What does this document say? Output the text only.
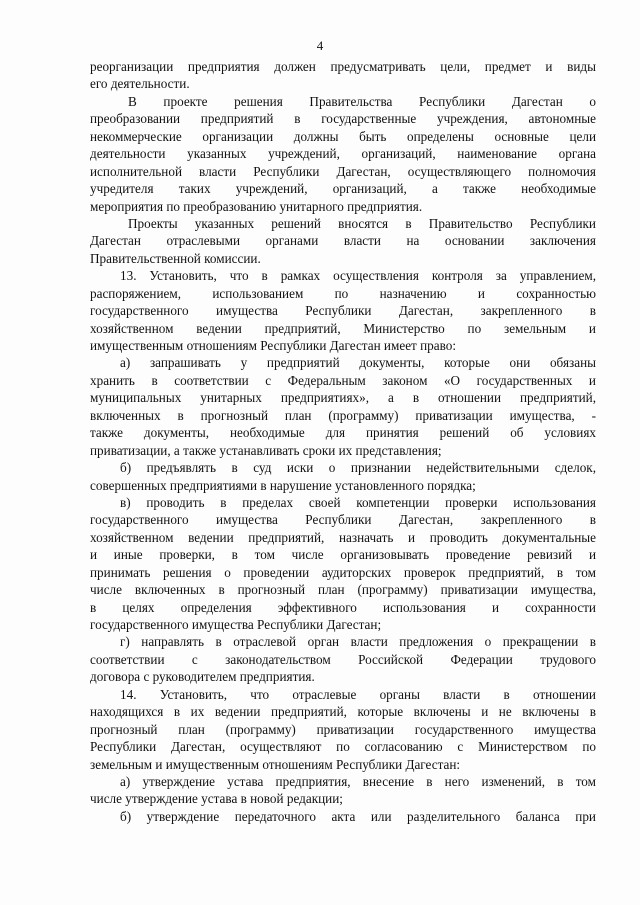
4
реорганизации предприятия должен предусматривать цели, предмет и виды
его деятельности.
В проекте решения Правительства Республики Дагестан о
преобразовании предприятий в государственные учреждения, автономные
некоммерческие организации должны быть определены основные цели
деятельности указанных учреждений, организаций, наименование органа
исполнительной власти Республики Дагестан, осуществляющего полномочия
учредителя таких учреждений, организаций, а также необходимые
мероприятия по преобразованию унитарного предприятия.
Проекты указанных решений вносятся в Правительство Республики
Дагестан отраслевыми органами власти на основании заключения
Правительственной комиссии.
13. Установить, что в рамках осуществления контроля за управлением,
распоряжением, использованием по назначению и сохранностью
государственного имущества Республики Дагестан, закрепленного в
хозяйственном ведении предприятий, Министерство по земельным и
имущественным отношениям Республики Дагестан имеет право:
а) запрашивать у предприятий документы, которые они обязаны
хранить в соответствии с Федеральным законом «О государственных и
муниципальных унитарных предприятиях», а в отношении предприятий,
включенных в прогнозный план (программу) приватизации имущества, -
также документы, необходимые для принятия решений об условиях
приватизации, а также устанавливать сроки их представления;
б) предъявлять в суд иски о признании недействительными сделок,
совершенных предприятиями в нарушение установленного порядка;
в) проводить в пределах своей компетенции проверки использования
государственного имущества Республики Дагестан, закрепленного в
хозяйственном ведении предприятий, назначать и проводить документальные
и иные проверки, в том числе организовывать проведение ревизий и
принимать решения о проведении аудиторских проверок предприятий, в том
числе включенных в прогнозный план (программу) приватизации имущества,
в целях определения эффективного использования и сохранности
государственного имущества Республики Дагестан;
г) направлять в отраслевой орган власти предложения о прекращении в
соответствии с законодательством Российской Федерации трудового
договора с руководителем предприятия.
14. Установить, что отраслевые органы власти в отношении
находящихся в их ведении предприятий, которые включены и не включены в
прогнозный план (программу) приватизации государственного имущества
Республики Дагестан, осуществляют по согласованию с Министерством по
земельным и имущественным отношениям Республики Дагестан:
а) утверждение устава предприятия, внесение в него изменений, в том
числе утверждение устава в новой редакции;
б) утверждение передаточного акта или разделительного баланса при
